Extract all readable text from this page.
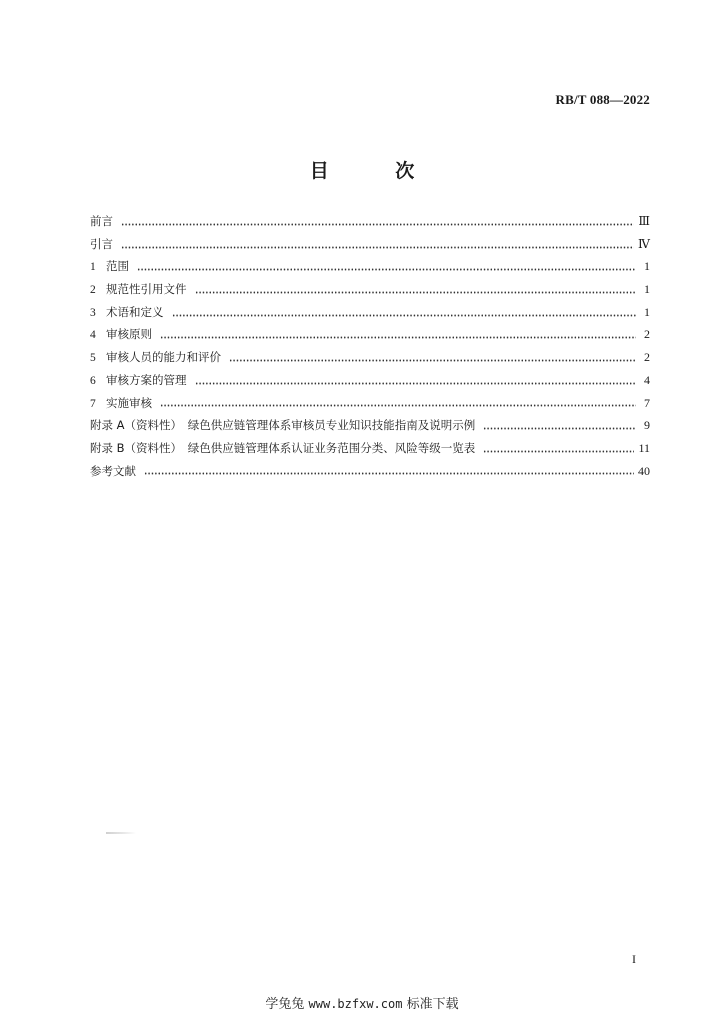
RB/T 088—2022
目 次
前言	Ⅲ
引言	Ⅳ
1 范围	1
2 规范性引用文件	1
3 术语和定义	1
4 审核原则	2
5 审核人员的能力和评价	2
6 审核方案的管理	4
7 实施审核	7
附录 A（资料性）　绿色供应链管理体系审核员专业知识技能指南及说明示例	9
附录 B（资料性）　绿色供应链管理体系认证业务范围分类、风险等级一览表	11
参考文献	40
I
学兔兔 www.bzfxw.com 标准下载
